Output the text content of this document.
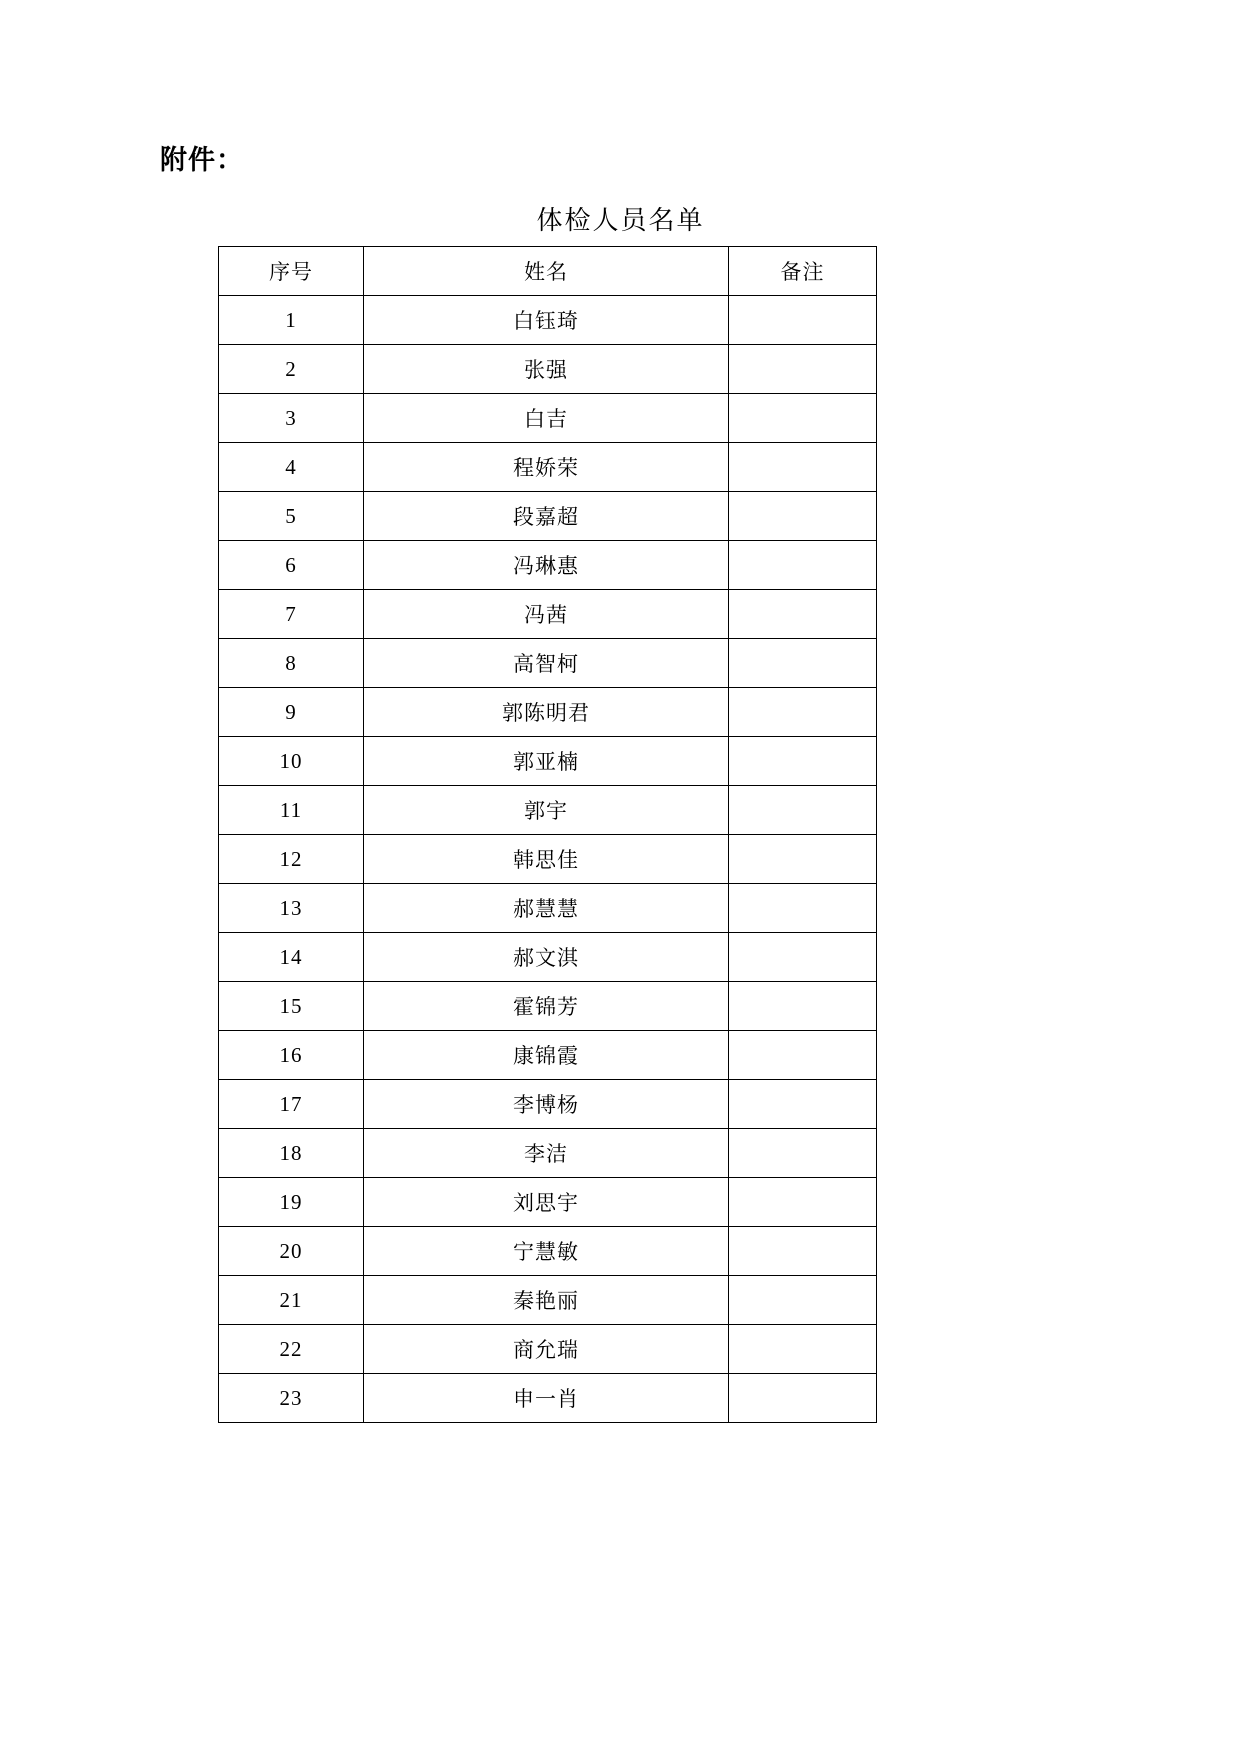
附件：
体检人员名单
序号	姓名	备注
1	白钰琦	
2	张强	
3	白吉	
4	程娇荣	
5	段嘉超	
6	冯琳惠	
7	冯茜	
8	高智柯	
9	郭陈明君	
10	郭亚楠	
11	郭宇	
12	韩思佳	
13	郝慧慧	
14	郝文淇	
15	霍锦芳	
16	康锦霞	
17	李博杨	
18	李洁	
19	刘思宇	
20	宁慧敏	
21	秦艳丽	
22	商允瑞	
23	申一肖	
